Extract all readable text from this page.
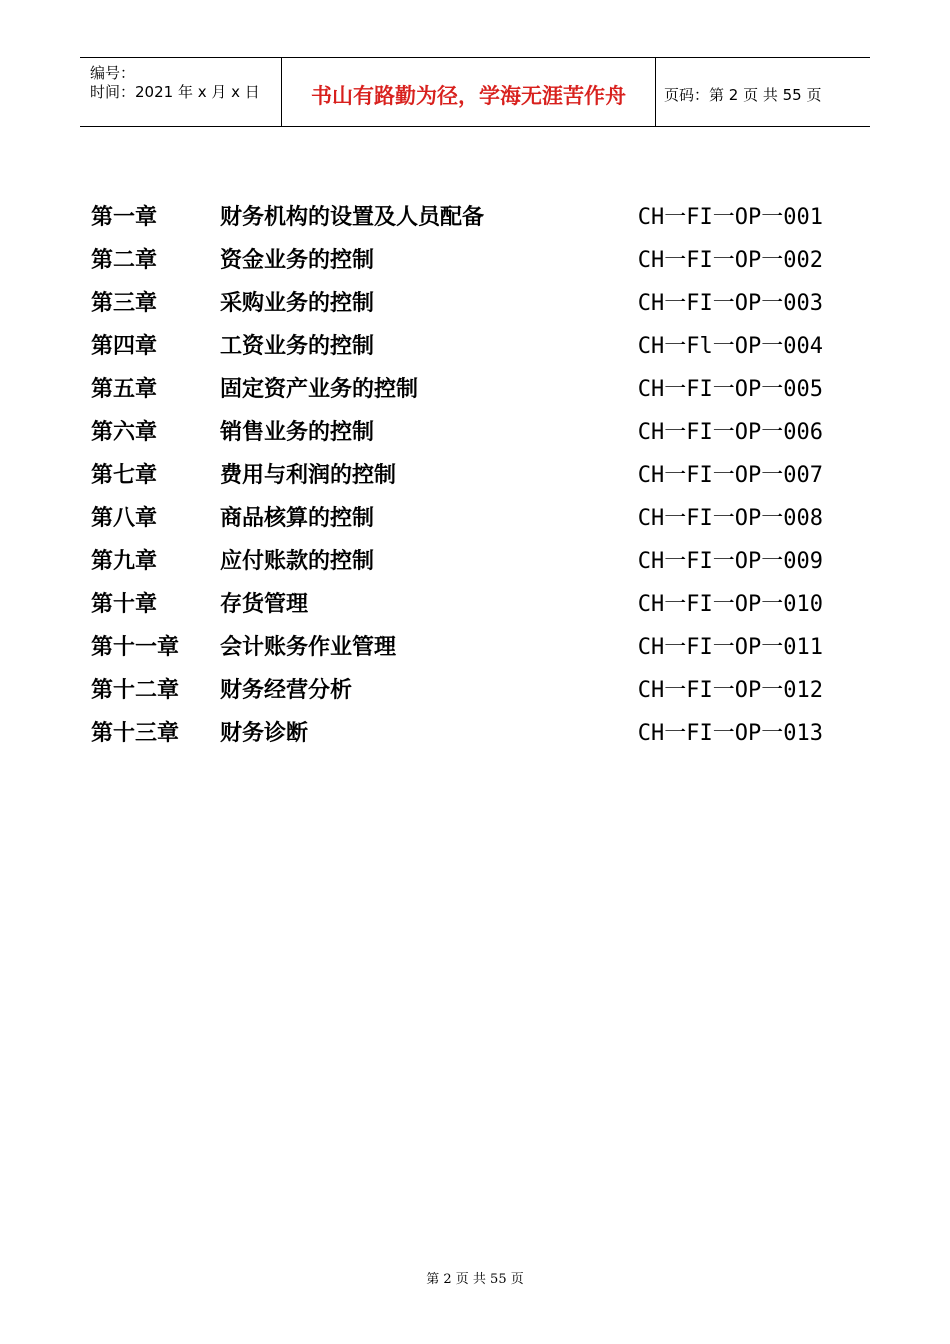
编号：
时间：2021 年 x 月 x 日	书山有路勤为径，学海无涯苦作舟	页码：第 2 页 共 55 页
第一章	财务机构的设置及人员配备	CH一FI一OP一001
第二章	资金业务的控制	CH一FI一OP一002
第三章	采购业务的控制	CH一FI一OP一003
第四章	工资业务的控制	CH一Fl一OP一004
第五章	固定资产业务的控制	CH一FI一OP一005
第六章	销售业务的控制	CH一FI一OP一006
第七章	费用与利润的控制	CH一FI一OP一007
第八章	商品核算的控制	CH一FI一OP一008
第九章	应付账款的控制	CH一FI一OP一009
第十章	存货管理	CH一FI一OP一010
第十一章 会计账务作业管理	CH一FI一OP一011
第十二章 财务经营分析	CH一FI一OP一012
第十三章 财务诊断	CH一FI一OP一013
第 2 页 共 55 页
